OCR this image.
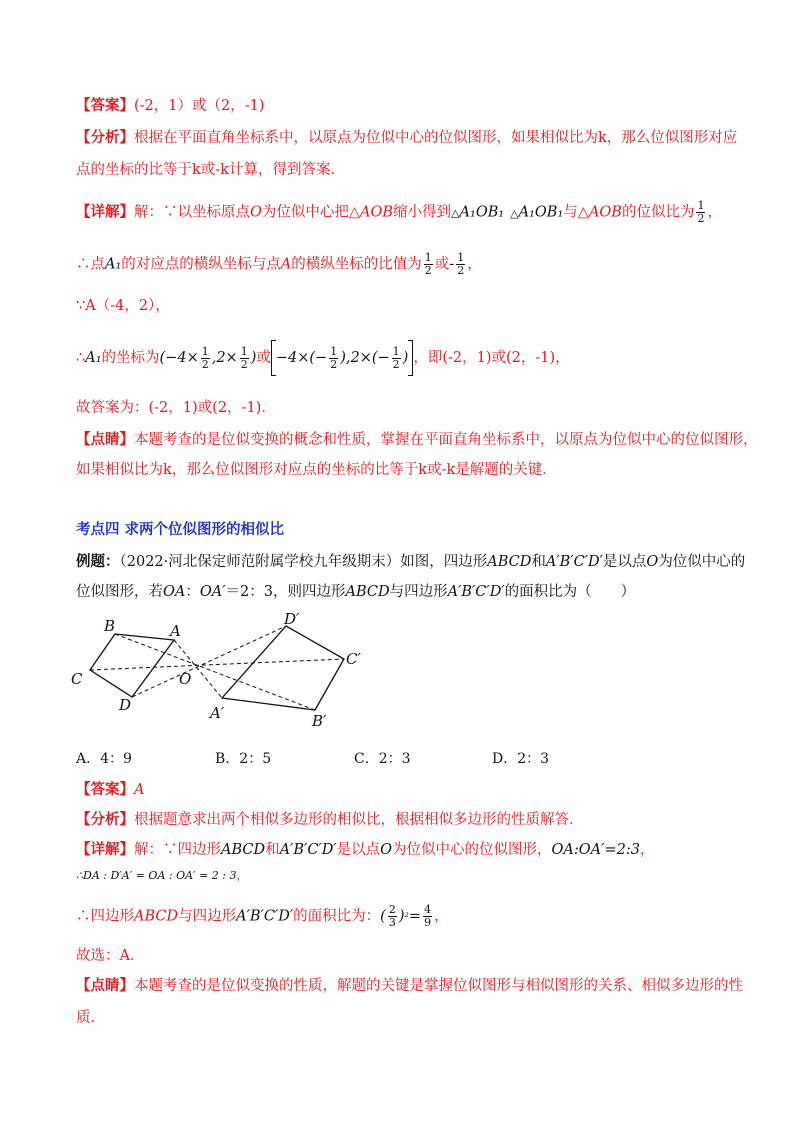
【答案】(-2，1）或（2，-1)
【分析】根据在平面直角坐标系中，以原点为位似中心的位似图形，如果相似比为k，那么位似图形对应
点的坐标的比等于k或-k计算，得到答案．
【详解】解：∵以坐标原点O为位似中心把△AOB缩小得到△A₁OB₁ △A₁OB₁与△AOB的位似比为 $\frac{1}{2}$ ，
∴点A₁的对应点的横纵坐标与点A的横纵坐标的比值为 $\frac{1}{2}$ 或- $\frac{1}{2}$ ，
∵A（-4，2），
∴A₁的坐标为($-4\times \frac{1}{2} ,2\times \frac{1}{2}$ )或 $-4\times(- \frac{1}{2} ),2\times(- \frac{1}{2}$ ) ，即(-2，1)或(2，-1)，
故答案为：(-2，1)或(2，-1)．
【点睛】本题考查的是位似变换的概念和性质，掌握在平面直角坐标系中，以原点为位似中心的位似图形，
如果相似比为k，那么位似图形对应点的坐标的比等于k或-k是解题的关键．
考点四 求两个位似图形的相似比
例题：（2022·河北保定师范附属学校九年级期末）如图，四边形ABCD和A′B′C′D′是以点O为位似中心的
位似图形，若OA：OA′＝2：3，则四边形ABCD与四边形A′B′C′D′的面积比为（　　）
B	A
C
D
O
D′
C′
A′	B′
A．4：9	B．2：5	C．2：3	D．2：3
【答案】A
【分析】根据题意求出两个相似多边形的相似比，根据相似多边形的性质解答．
【详解】解：∵四边形ABCD和A′B′C′D′是以点O为位似中心的位似图形，OA:OA′=2:3，
∴DA : D′A′ = OA : OA′ = 2 : 3，
∴四边形ABCD与四边形A′B′C′D′的面积比为：( $\frac{2}{3} )^2= \frac{4}{9}$ ，
故选：A．
【点睛】本题考查的是位似变换的性质，解题的关键是掌握位似图形与相似图形的关系、相似多边形的性
质．
